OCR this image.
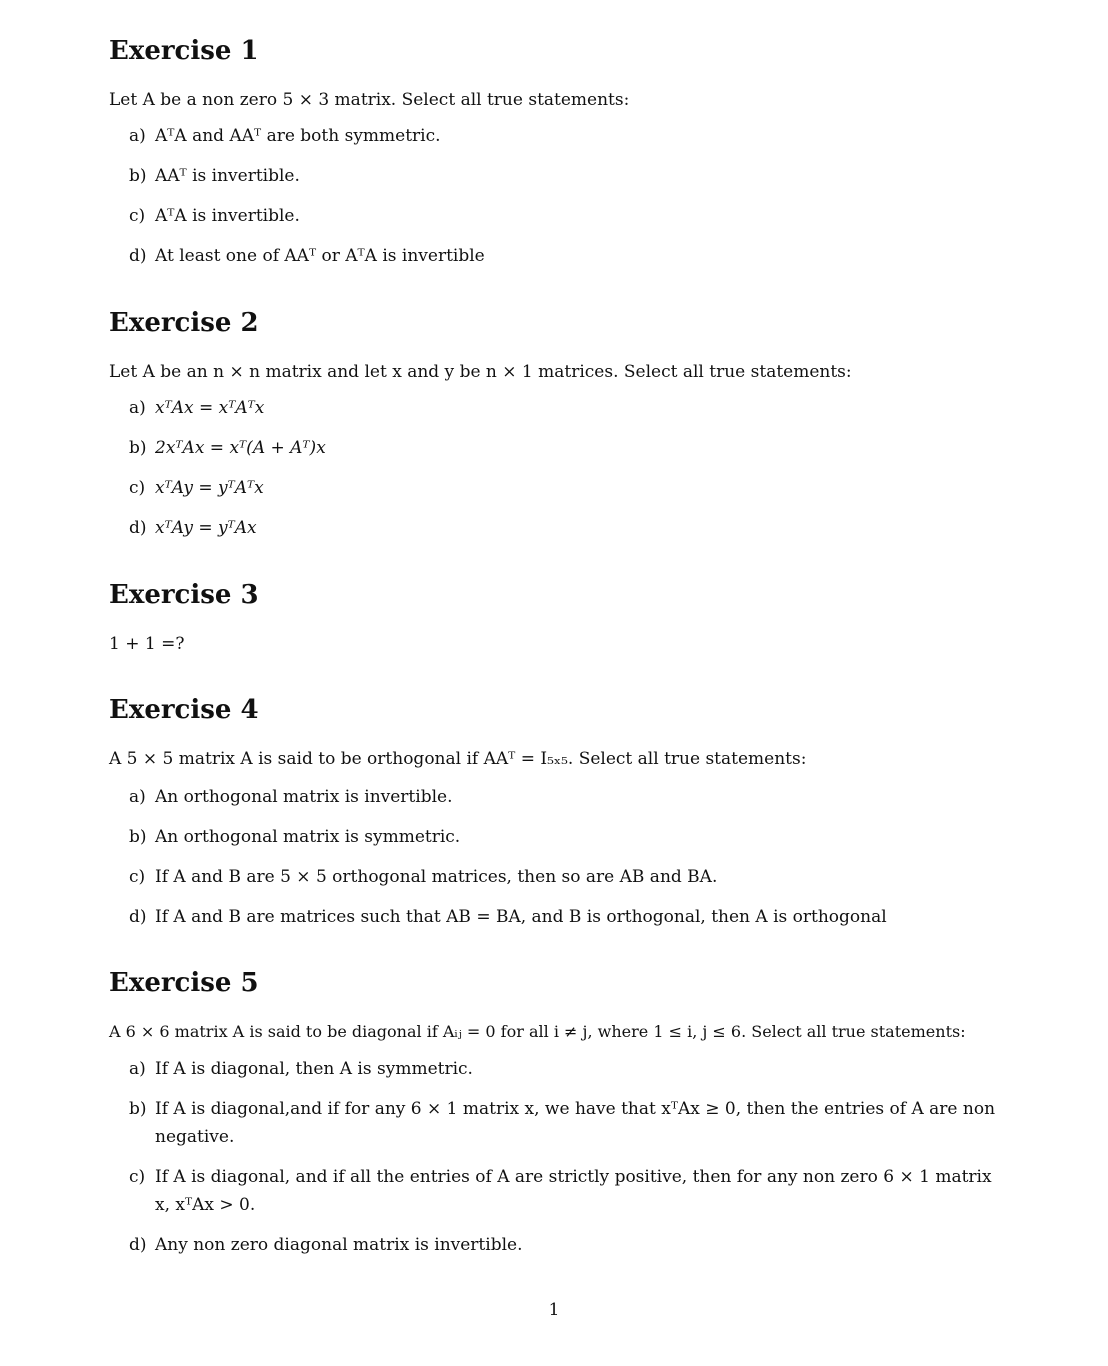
Exercise 1

Let A be a non zero 5 × 3 matrix. Select all true statements:

a) AᵀA and AAᵀ are both symmetric.
b) AAᵀ is invertible.
c) AᵀA is invertible.
d) At least one of AAᵀ or AᵀA is invertible
Exercise 2

Let A be an n × n matrix and let x and y be n × 1 matrices. Select all true statements:

a) xᵀAx = xᵀAᵀx
b) 2xᵀAx = xᵀ(A + Aᵀ)x
c) xᵀAy = yᵀAᵀx
d) xᵀAy = yᵀAx
Exercise 3

1 + 1 =?

Exercise 4

A 5 × 5 matrix A is said to be orthogonal if AAᵀ = I₅ₓ₅. Select all true statements:

a) An orthogonal matrix is invertible.
b) An orthogonal matrix is symmetric.
c) If A and B are 5 × 5 orthogonal matrices, then so are AB and BA.
d) If A and B are matrices such that AB = BA, and B is orthogonal, then A is orthogonal
Exercise 5

A 6 × 6 matrix A is said to be diagonal if Aᵢⱼ = 0 for all i ≠ j, where 1 ≤ i, j ≤ 6. Select all true statements:

a) If A is diagonal, then A is symmetric.
b) If A is diagonal,and if for any 6 × 1 matrix x, we have that xᵀAx ≥ 0, then the entries of A are non negative.
c) If A is diagonal, and if all the entries of A are strictly positive, then for any non zero 6 × 1 matrix x, xᵀAx > 0.
d) Any non zero diagonal matrix is invertible.
1
